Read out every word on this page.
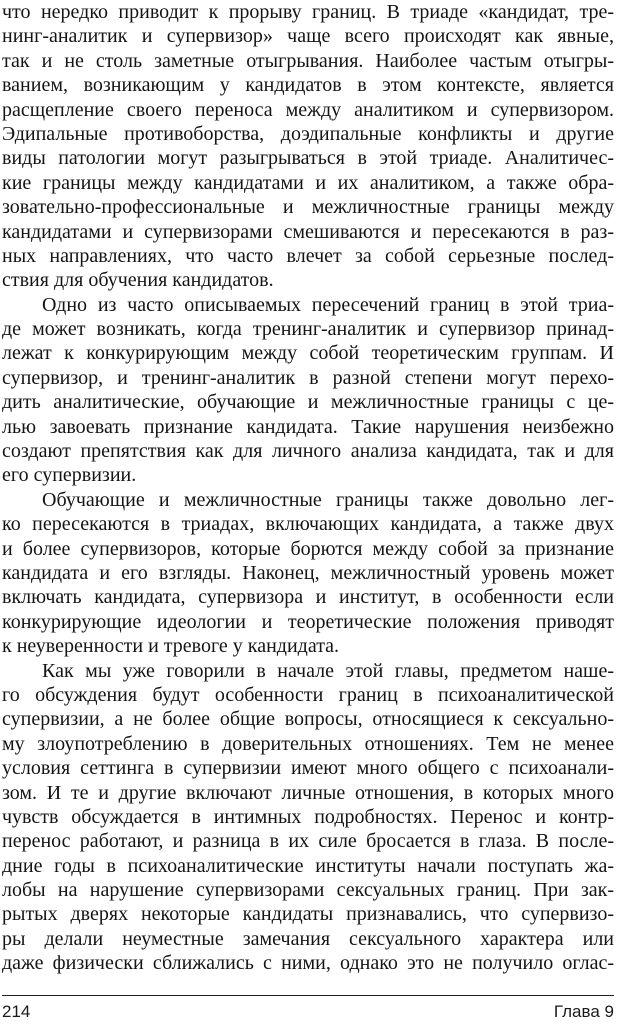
что нередко приводит к прорыву границ. В триаде «кандидат, тре-
нинг-аналитик и супервизор» чаще всего происходят как явные,
так и не столь заметные отыгрывания. Наиболее частым отыгры-
ванием, возникающим у кандидатов в этом контексте, является
расщепление своего переноса между аналитиком и супервизором.
Эдипальные противоборства, доэдипальные конфликты и другие
виды патологии могут разыгрываться в этой триаде. Аналитичес-
кие границы между кандидатами и их аналитиком, а также обра-
зовательно-профессиональные и межличностные границы между
кандидатами и супервизорами смешиваются и пересекаются в раз-
ных направлениях, что часто влечет за собой серьезные послед-
ствия для обучения кандидатов.
Одно из часто описываемых пересечений границ в этой триа-
де может возникать, когда тренинг-аналитик и супервизор принад-
лежат к конкурирующим между собой теоретическим группам. И
супервизор, и тренинг-аналитик в разной степени могут перехо-
дить аналитические, обучающие и межличностные границы с це-
лью завоевать признание кандидата. Такие нарушения неизбежно
создают препятствия как для личного анализа кандидата, так и для
его супервизии.
Обучающие и межличностные границы также довольно лег-
ко пересекаются в триадах, включающих кандидата, а также двух
и более супервизоров, которые борются между собой за признание
кандидата и его взгляды. Наконец, межличностный уровень может
включать кандидата, супервизора и институт, в особенности если
конкурирующие идеологии и теоретические положения приводят
к неуверенности и тревоге у кандидата.
Как мы уже говорили в начале этой главы, предметом наше-
го обсуждения будут особенности границ в психоаналитической
супервизии, а не более общие вопросы, относящиеся к сексуально-
му злоупотреблению в доверительных отношениях. Тем не менее
условия сеттинга в супервизии имеют много общего с психоанали-
зом. И те и другие включают личные отношения, в которых много
чувств обсуждается в интимных подробностях. Перенос и контр-
перенос работают, и разница в их силе бросается в глаза. В после-
дние годы в психоаналитические институты начали поступать жа-
лобы на нарушение супервизорами сексуальных границ. При зак-
рытых дверях некоторые кандидаты признавались, что супервизо-
ры делали неуместные замечания сексуального характера или
даже физически сближались с ними, однако это не получило оглас-
214	Глава 9
